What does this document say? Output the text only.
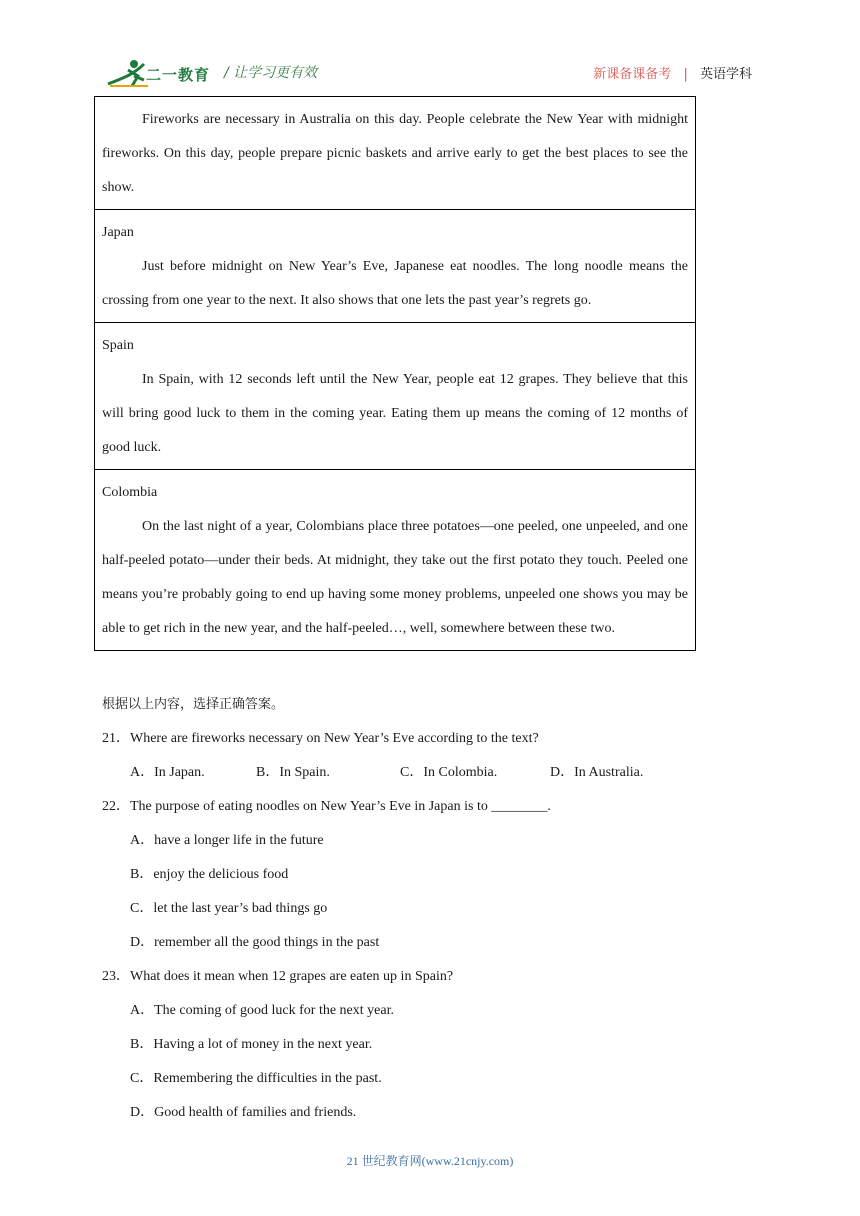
二一教育 / 让学习更有效	新课备课备考 | 英语学科
Fireworks are necessary in Australia on this day. People celebrate the New Year with midnight fireworks. On this day, people prepare picnic baskets and arrive early to get the best places to see the show.
Japan
Just before midnight on New Year’s Eve, Japanese eat noodles. The long noodle means the crossing from one year to the next. It also shows that one lets the past year’s regrets go.
Spain
In Spain, with 12 seconds left until the New Year, people eat 12 grapes. They believe that this will bring good luck to them in the coming year. Eating them up means the coming of 12 months of good luck.
Colombia
On the last night of a year, Colombians place three potatoes—one peeled, one unpeeled, and one half-peeled potato—under their beds. At midnight, they take out the first potato they touch. Peeled one means you’re probably going to end up having some money problems, unpeeled one shows you may be able to get rich in the new year, and the half-peeled…, well, somewhere between these two.
根据以上内容，选择正确答案。
21．Where are fireworks necessary on New Year’s Eve according to the text?
A．In Japan.	B．In Spain.	C．In Colombia.	D．In Australia.
22．The purpose of eating noodles on New Year’s Eve in Japan is to ________.
A．have a longer life in the future
B．enjoy the delicious food
C．let the last year’s bad things go
D．remember all the good things in the past
23．What does it mean when 12 grapes are eaten up in Spain?
A．The coming of good luck for the next year.
B．Having a lot of money in the next year.
C．Remembering the difficulties in the past.
D．Good health of families and friends.
21 世纪教育网(www.21cnjy.com)
